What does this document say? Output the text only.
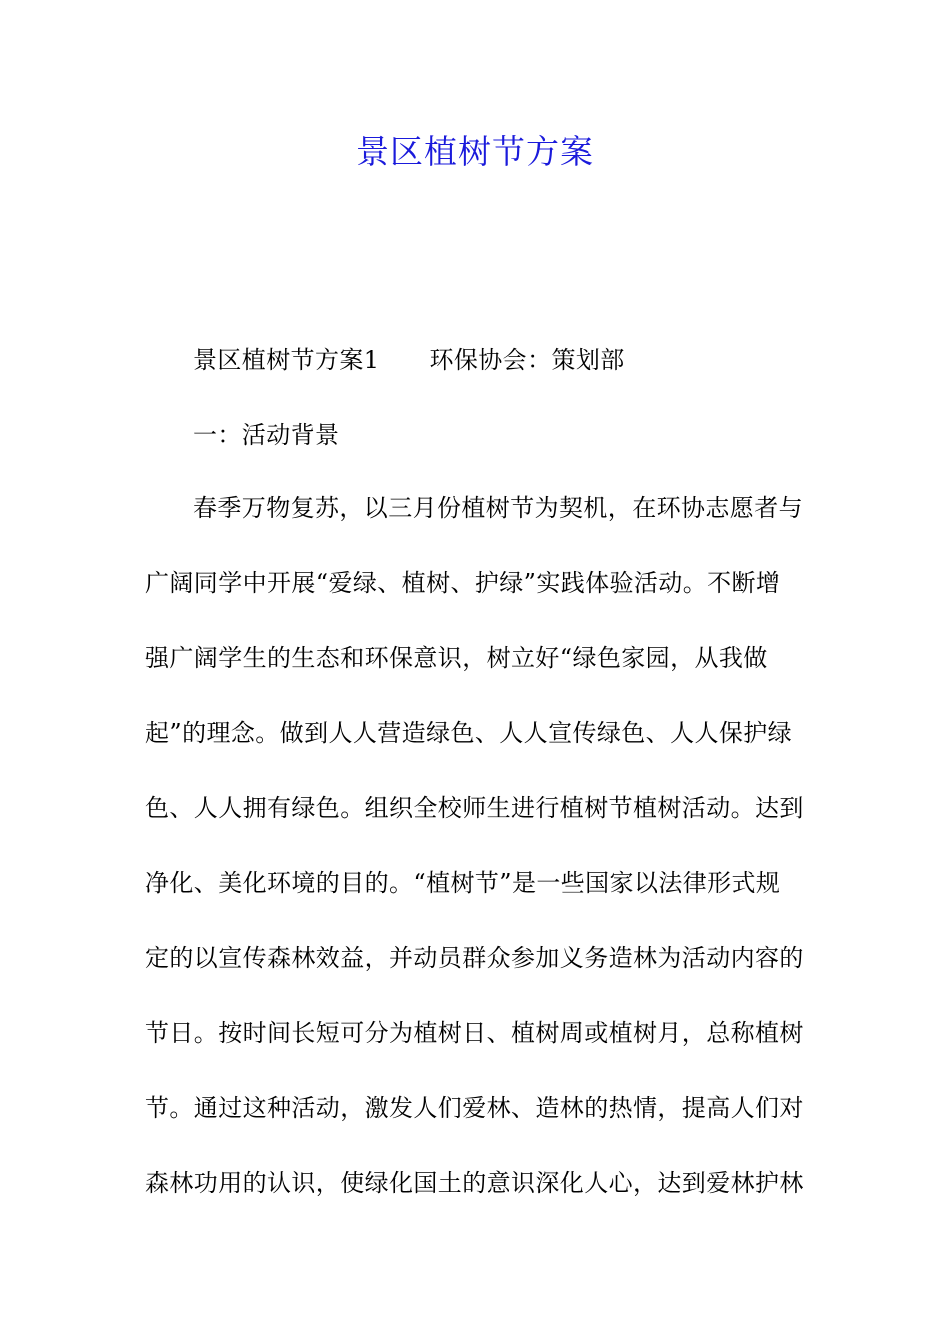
景区植树节方案
景区植树节方案1 环保协会：策划部
一：活动背景
春季万物复苏，以三月份植树节为契机，在环协志愿者与
广阔同学中开展“爱绿、植树、护绿”实践体验活动。不断增
强广阔学生的生态和环保意识，树立好“绿色家园，从我做
起”的理念。做到人人营造绿色、人人宣传绿色、人人保护绿
色、人人拥有绿色。组织全校师生进行植树节植树活动。达到
净化、美化环境的目的。“植树节”是一些国家以法律形式规
定的以宣传森林效益，并动员群众参加义务造林为活动内容的
节日。按时间长短可分为植树日、植树周或植树月，总称植树
节。通过这种活动，激发人们爱林、造林的热情，提高人们对
森林功用的认识，使绿化国土的意识深化人心，达到爱林护林
